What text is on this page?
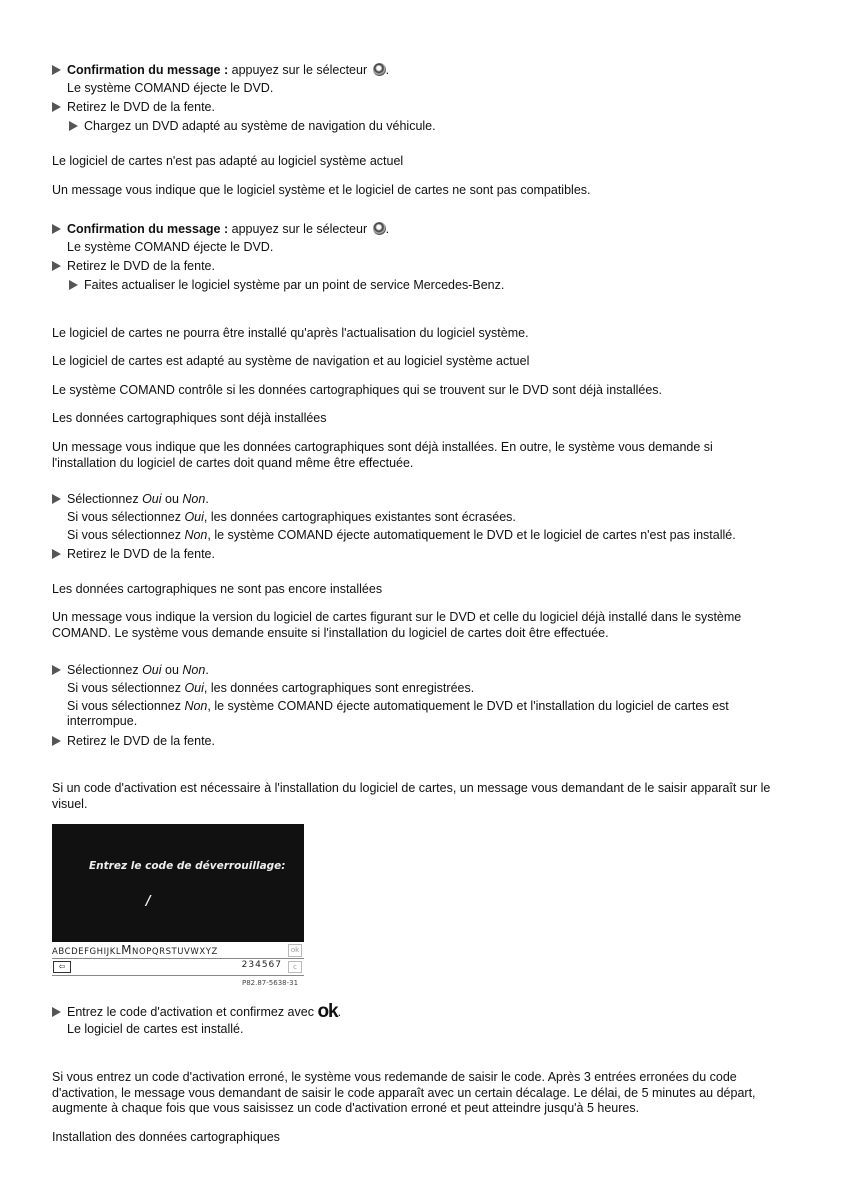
Confirmation du message : appuyez sur le sélecteur .
Le système COMAND éjecte le DVD.
Retirez le DVD de la fente.
Chargez un DVD adapté au système de navigation du véhicule.
Le logiciel de cartes n'est pas adapté au logiciel système actuel
Un message vous indique que le logiciel système et le logiciel de cartes ne sont pas compatibles.
Confirmation du message : appuyez sur le sélecteur .
Le système COMAND éjecte le DVD.
Retirez le DVD de la fente.
Faites actualiser le logiciel système par un point de service Mercedes-Benz.
Le logiciel de cartes ne pourra être installé qu'après l'actualisation du logiciel système.
Le logiciel de cartes est adapté au système de navigation et au logiciel système actuel
Le système COMAND contrôle si les données cartographiques qui se trouvent sur le DVD sont déjà installées.
Les données cartographiques sont déjà installées
Un message vous indique que les données cartographiques sont déjà installées. En outre, le système vous demande si
l'installation du logiciel de cartes doit quand même être effectuée.
Sélectionnez Oui ou Non.
Si vous sélectionnez Oui, les données cartographiques existantes sont écrasées.
Si vous sélectionnez Non, le système COMAND éjecte automatiquement le DVD et le logiciel de cartes n'est pas installé.
Retirez le DVD de la fente.
Les données cartographiques ne sont pas encore installées
Un message vous indique la version du logiciel de cartes figurant sur le DVD et celle du logiciel déjà installé dans le système
COMAND. Le système vous demande ensuite si l'installation du logiciel de cartes doit être effectuée.
Sélectionnez Oui ou Non.
Si vous sélectionnez Oui, les données cartographiques sont enregistrées.
Si vous sélectionnez Non, le système COMAND éjecte automatiquement le DVD et l'installation du logiciel de cartes est
interrompue.
Retirez le DVD de la fente.
Si un code d'activation est nécessaire à l'installation du logiciel de cartes, un message vous demandant de le saisir apparaît sur le
visuel.
Entrez le code de déverrouillage:
/
ABCDEFGHIJKLMNOPQRSTUVWXYZ	ok
⇦	234567	c
P82.87-5638-31
Entrez le code d'activation et confirmez avec ok.
Le logiciel de cartes est installé.
Si vous entrez un code d'activation erroné, le système vous redemande de saisir le code. Après 3 entrées erronées du code
d'activation, le message vous demandant de saisir le code apparaît avec un certain décalage. Le délai, de 5 minutes au départ,
augmente à chaque fois que vous saisissez un code d'activation erroné et peut atteindre jusqu'à 5 heures.
Installation des données cartographiques
